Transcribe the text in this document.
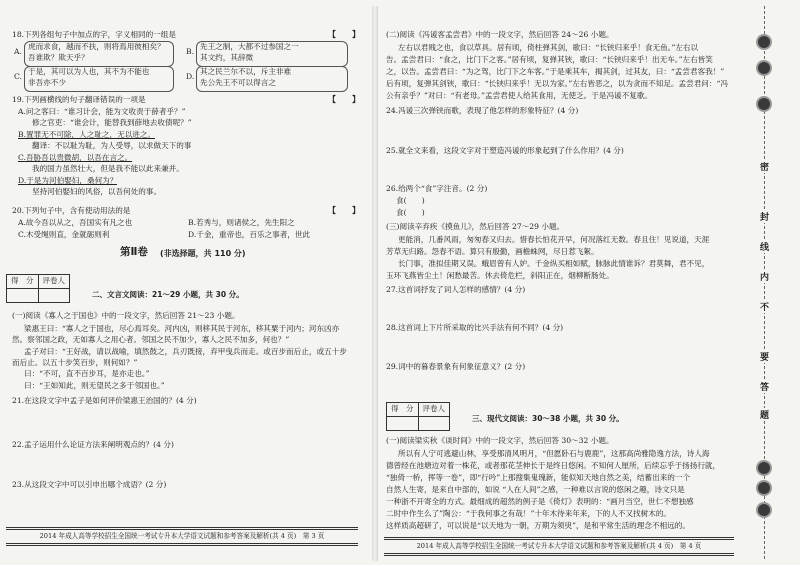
18.下列各组句子中加点的字，字义相同的一组是	【　　】
A.
虎而求食，越而不扶，则将焉用彼相矣？
吾谁欺？欺天乎？
B.
先王之制，大都不过参国之一
其文约，其辞微
C.
于是，其可以为人也，其不为不能也
非吾亦不少
D.
其之民兰尔不以，斥主非难
先公先王不可以得言之
19.下列画横线的句子翻译错误的一项是	【　　】
A.问之客曰：“谁习计会，能为文收责于薛者乎？”
修之官吏：“谁会计，能替我到薛地去收债呢？”
B.置罪无不可除，人之耻之，无以进之。
翻译：不以耻为耻，为人受辱，以求做天下的事
C.吾胁吾以贵微胡，以吾在言之。
我的国力虽然壮大，但是我不能以此来兼并。
D.于是为河伯娶妇，桑何为？
坚持河伯娶妇的风俗，以吾何处的事。
20.下列句子中，含有使动用法的是	【　　】
A.故今吾以从之，吾国实有凡之也	B.若秀与，则诸侯之，先生阳之
C.木受绳则直，金就砺则利	D.千金，重帝也，百乐之事者，世此
第Ⅱ卷 (非选择题，共 110 分)
得　分	评卷人

二、文言文阅读：21～29 小题，共 30 分。
(一)阅读《寡人之于国也》中的一段文字，然后回答 21～23 小题。
梁惠王曰：“寡人之于国也，尽心焉耳矣。河内凶，则移其民于河东，移其粟于河内；河东凶亦
然。察邻国之政，无如寡人之用心者。邻国之民不加少，寡人之民不加多，何也？”
孟子对曰：“王好战，请以战喻，填然鼓之，兵刃既接，弃甲曳兵而走。或百步而后止，或五十步
而后止。以五十步笑百步，则何如？”
曰：“不可，直不百步耳，是亦走也。”
曰：“王如知此，则无望民之多于邻国也。”
21.在这段文字中孟子是如何评价梁惠王治国的？(4 分)
22.孟子运用什么论证方法来阐明观点的？(4 分)
23.从这段文字中可以引申出哪个成语？(2 分)
2014 年成人高等学校招生全国统一考试专升本大学语文试题和参考答案及解析(共 4 页)　第 3 页
(二)阅读《冯谖客孟尝君》中的一段文字，然后回答 24～26 小题。
左右以君贱之也，食以草具。居有顷，倚柱弹其剑，歌曰：“长铗归来乎！食无鱼。”左右以
告。孟尝君曰：“食之，比门下之客。”居有顷，复弹其铗，歌曰：“长铗归来乎！出无车。”左右皆笑
之，以告。孟尝君曰：“为之驾，比门下之车客。”于是乘其车，揭其剑，过其友，曰：“孟尝君客我！”
后有顷，复弹其剑铗，歌曰：“长铗归来乎！无以为家。”左右皆恶之，以为贪而不知足。孟尝君问：“冯
公有亲乎？”对曰：“有老母。”孟尝君使人给其食用，无使乏。于是冯谖不复歌。
24.冯谖三次弹铗而歌，表现了他怎样的形象特征？(4 分)
25.就全文来看，这段文字对于塑造冯谖的形象起到了什么作用？(4 分)
26.给两个“食”字注音。(2 分)
食(　　)
食(　　)
(三)阅读辛弃疾《摸鱼儿》，然后回答 27～29 小题。
更能消，几番风雨，匆匆春又归去。惜春长怕花开早，何况落红无数。春且住！见说道，天涯
芳草无归路。怨春不语。算只有殷勤，画檐蛛网，尽日惹飞絮。
长门事，准拟佳期又误。蛾眉曾有人妒。千金纵买相如赋，脉脉此情谁诉？君莫舞，君不见，
玉环飞燕皆尘土！闲愁最苦。休去倚危栏，斜阳正在，烟柳断肠处。
27.这首词抒发了词人怎样的感情？(4 分)
28.这首词上下片所采取的比兴手法有何不同？(4 分)
29.词中的暮春景象有何象征意义？(2 分)
得　分	评卷人

三、现代文阅读：30～38 小题，共 30 分。
(一)阅读梁实秋《谈时间》中的一段文字，然后回答 30～32 小题。
所以有人宁可逃避山林，享受那清风明月，“但愿卧石与鹿鹿”，这那高尚雅隐逸方法，诗人海
德曾经在池塘边对着一株花，或者那花茎伸长于是终日悠闲。不知何人厘所，后续忘乎于扬扬行就，
“独倚一桥，挥等一卷”，即“行吟”上那搜集鬼瑰新，能似知天地自然之美，结蓄出来的一个
自然人生寄，是来自中部的，如说 “人在人间”之感，一种难以言说的悠闲之趣，诗文只是
一种浙不开寄全的方式。最细成的超然的例子是《倚灯》表明的：“画月当空，世仁不想独感
二时中作生么了”陶公：“于我何事之有哉！”十年木待来年来，下的人不又找树木的。
这样质高超研了，可以说是“以天地为一朝，万期为须臾”，是和平常生活的理念不相远的。
2014 年成人高等学校招生全国统一考试专升本大学语文试题和参考答案及解析(共 4 页)　第 4 页
密
封
线
内
不
要
答
题
